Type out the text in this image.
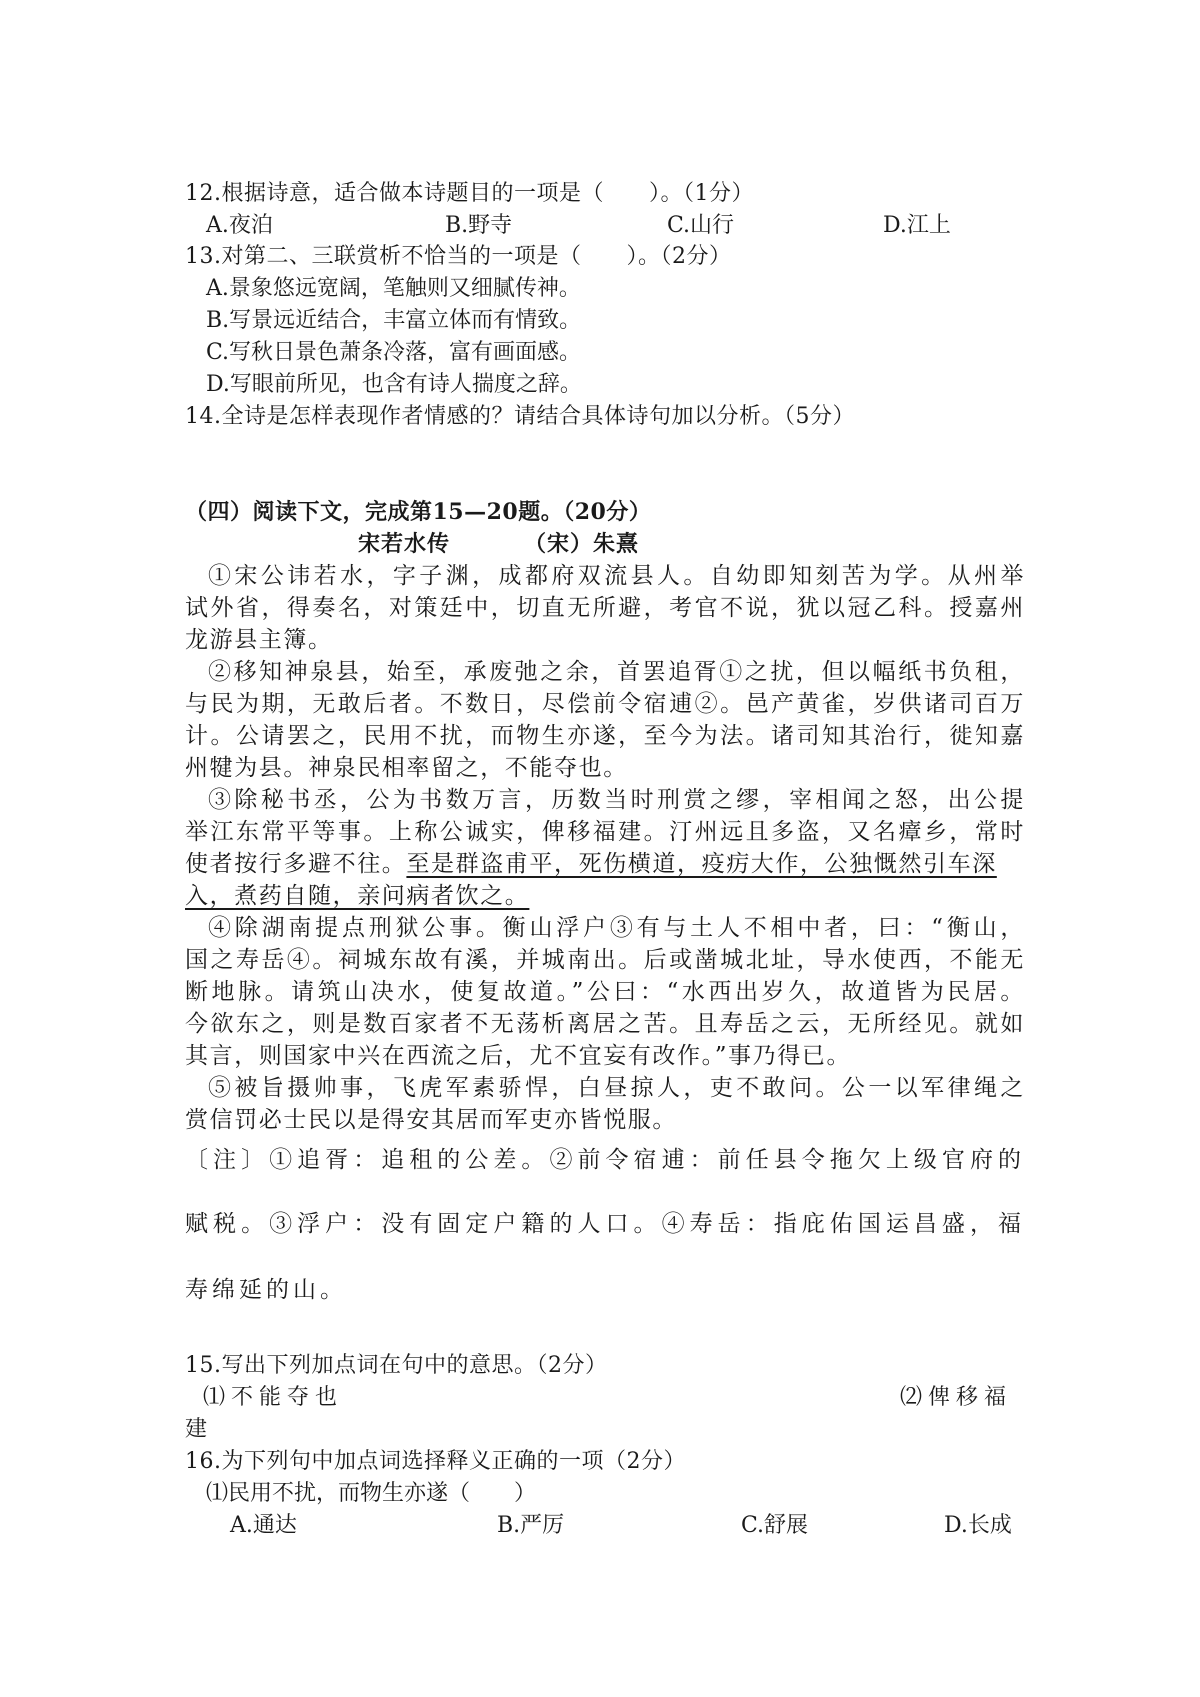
12.根据诗意，适合做本诗题目的一项是（　　）。（1分）
A.夜泊	B.野寺	C.山行	D.江上
13.对第二、三联赏析不恰当的一项是（　　）。（2分）
A.景象悠远宽阔，笔触则又细腻传神。
B.写景远近结合，丰富立体而有情致。
C.写秋日景色萧条冷落，富有画面感。
D.写眼前所见，也含有诗人揣度之辞。
14.全诗是怎样表现作者情感的？请结合具体诗句加以分析。（5分）
（四）阅读下文，完成第15—20题。（20分）
宋若水传	（宋）朱熹
①宋公讳若水，字子渊，成都府双流县人。自幼即知刻苦为学。从州举
试外省，得奏名，对策廷中，切直无所避，考官不说，犹以冠乙科。授嘉州
龙游县主簿。
②移知神泉县，始至，承废弛之余，首罢追胥①之扰，但以幅纸书负租，
与民为期，无敢后者。不数日，尽偿前令宿逋②。邑产黄雀，岁供诸司百万
计。公请罢之，民用不扰，而物生亦遂，至今为法。诸司知其治行，徙知嘉
州犍为县。神泉民相率留之，不能夺也。
③除秘书丞，公为书数万言，历数当时刑赏之缪，宰相闻之怒，出公提
举江东常平等事。上称公诚实，俾移福建。汀州远且多盗，又名瘴乡，常时
使者按行多避不往。至是群盗甫平，死伤横道，疫疠大作，公独慨然引车深
入，煮药自随，亲问病者饮之。
④除湖南提点刑狱公事。衡山浮户③有与土人不相中者，曰：“衡山，
国之寿岳④。祠城东故有溪，并城南出。后或凿城北址，导水使西，不能无
断地脉。请筑山决水，使复故道。”公曰：“水西出岁久，故道皆为民居。
今欲东之，则是数百家者不无荡析离居之苦。且寿岳之云，无所经见。就如
其言，则国家中兴在西流之后，尤不宜妄有改作。”事乃得已。
⑤被旨摄帅事，飞虎军素骄悍，白昼掠人，吏不敢问。公一以军律绳之
赏信罚必士民以是得安其居而军吏亦皆悦服。
〔注〕①追胥：追租的公差。②前令宿逋：前任县令拖欠上级官府的
赋税。③浮户：没有固定户籍的人口。④寿岳：指庇佑国运昌盛，福
寿绵延的山。
15.写出下列加点词在句中的意思。（2分）
⑴不能夺也	⑵俾移福
建
16.为下列句中加点词选择释义正确的一项（2分）
⑴民用不扰，而物生亦遂（　　）
A.通达	B.严厉	C.舒展	D.长成
